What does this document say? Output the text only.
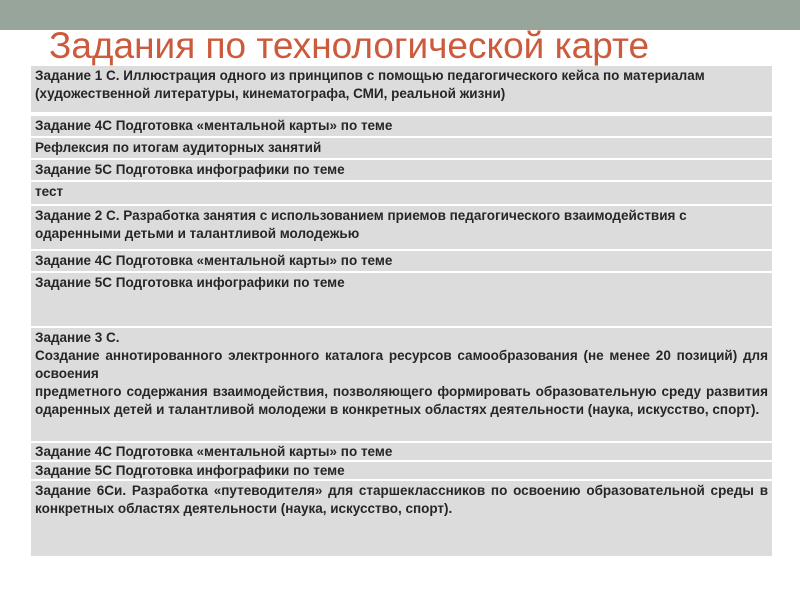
Задания по технологической карте
Задание 1 С. Иллюстрация одного из принципов с помощью педагогического кейса по материалам (художественной литературы, кинематографа, СМИ, реальной жизни)
Задание 4С Подготовка «ментальной карты» по теме
Рефлексия по итогам аудиторных занятий
Задание 5С Подготовка инфографики по теме
тест
Задание 2 С. Разработка занятия с использованием приемов педагогического взаимодействия с одаренными детьми и талантливой молодежью
Задание 4С Подготовка «ментальной карты» по теме
Задание 5С Подготовка инфографики по теме
Задание 3 С.
Создание аннотированного электронного каталога ресурсов самообразования (не менее 20 позиций) для освоения
предметного содержания взаимодействия, позволяющего формировать образовательную среду развития одаренных детей и талантливой молодежи в конкретных областях деятельности (наука, искусство, спорт).
Задание 4С Подготовка «ментальной карты» по теме
Задание 5С Подготовка инфографики по теме
Задание 6Си. Разработка «путеводителя» для старшеклассников по освоению образовательной среды в конкретных областях деятельности (наука, искусство, спорт).
